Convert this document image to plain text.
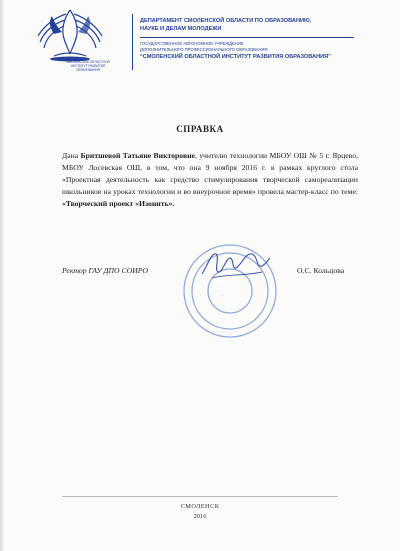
СМОЛЕНСКИЙ ОБЛАСТНОЙ ИНСТИТУТ РАЗВИТИЯ ОБРАЗОВАНИЯ
ДЕПАРТАМЕНТ СМОЛЕНСКОЙ ОБЛАСТИ ПО ОБРАЗОВАНИЮ,
НАУКЕ И ДЕЛАМ МОЛОДЕЖИ
ГОСУДАРСТВЕННОЕ АВТОНОМНОЕ УЧРЕЖДЕНИЕ
ДОПОЛНИТЕЛЬНОГО ПРОФЕССИОНАЛЬНОГО ОБРАЗОВАНИЯ
“СМОЛЕНСКИЙ ОБЛАСТНОЙ ИНСТИТУТ РАЗВИТИЯ ОБРАЗОВАНИЯ”
СПРАВКА
Дана Бритшевой Татьяне Викторовне, учителю технологии МБОУ ОШ № 5 г. Ярцево, МБОУ Лосевская ОШ, в том, что она 9 ноября 2016 г. в рамках круглого стола «Проектная деятельность как средство стимулирования творческой самореализации школьников на уроках технологии и во внеурочное время» провела мастер-класс по теме: «Творческий проект «Изонить».
· · · · · · · · ·
· · · · · · · · · ·
· · ·
· ·
Ректор ГАУ ДПО СОИРО	О.С. Кольцова
СМОЛЕНСК
2016
